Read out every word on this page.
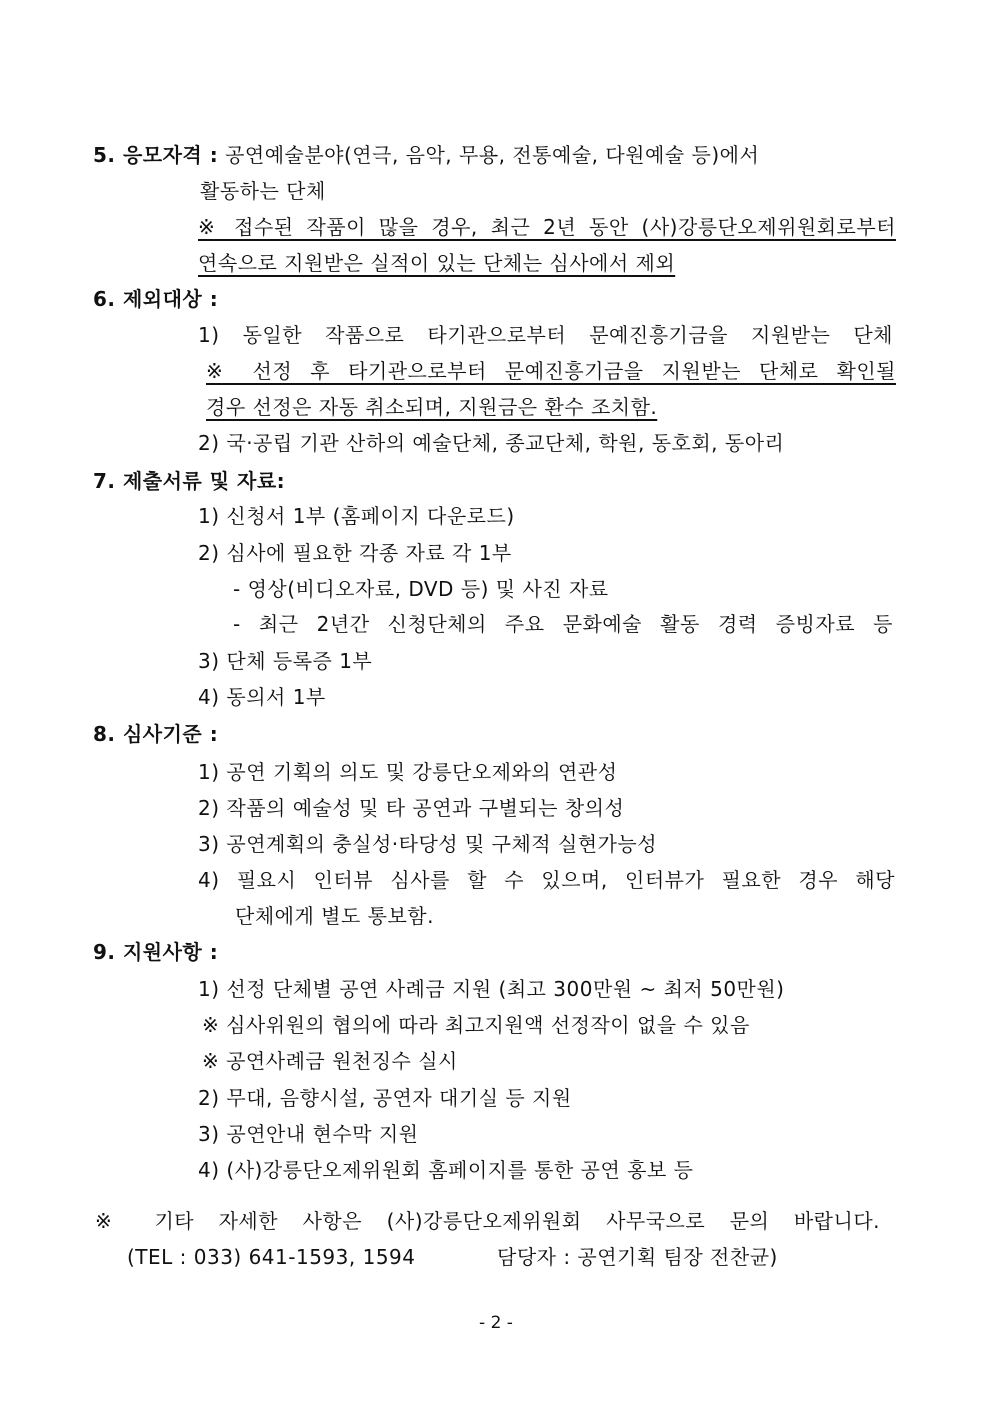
5. 응모자격 : 공연예술분야(연극, 음악, 무용, 전통예술, 다원예술 등)에서
활동하는 단체
※ 접수된 작품이 많을 경우, 최근 2년 동안 (사)강릉단오제위원회로부터
연속으로 지원받은 실적이 있는 단체는 심사에서 제외
6. 제외대상 :
1) 동일한 작품으로 타기관으로부터 문예진흥기금을 지원받는 단체
※ 선정 후 타기관으로부터 문예진흥기금을 지원받는 단체로 확인될
경우 선정은 자동 취소되며, 지원금은 환수 조치함.
2) 국·공립 기관 산하의 예술단체, 종교단체, 학원, 동호회, 동아리
7. 제출서류 및 자료:
1) 신청서 1부 (홈페이지 다운로드)
2) 심사에 필요한 각종 자료 각 1부
- 영상(비디오자료, DVD 등) 및 사진 자료
- 최근 2년간 신청단체의 주요 문화예술 활동 경력 증빙자료 등
3) 단체 등록증 1부
4) 동의서 1부
8. 심사기준 :
1) 공연 기획의 의도 및 강릉단오제와의 연관성
2) 작품의 예술성 및 타 공연과 구별되는 창의성
3) 공연계획의 충실성·타당성 및 구체적 실현가능성
4) 필요시 인터뷰 심사를 할 수 있으며, 인터뷰가 필요한 경우 해당
단체에게 별도 통보함.
9. 지원사항 :
1) 선정 단체별 공연 사례금 지원 (최고 300만원 ~ 최저 50만원)
※ 심사위원의 협의에 따라 최고지원액 선정작이 없을 수 있음
※ 공연사례금 원천징수 실시
2) 무대, 음향시설, 공연자 대기실 등 지원
3) 공연안내 현수막 지원
4) (사)강릉단오제위원회 홈페이지를 통한 공연 홍보 등
※ 기타 자세한 사항은 (사)강릉단오제위원회 사무국으로 문의 바랍니다.
(TEL : 033) 641-1593, 1594	담당자 : 공연기획 팀장 전찬균)
- 2 -
